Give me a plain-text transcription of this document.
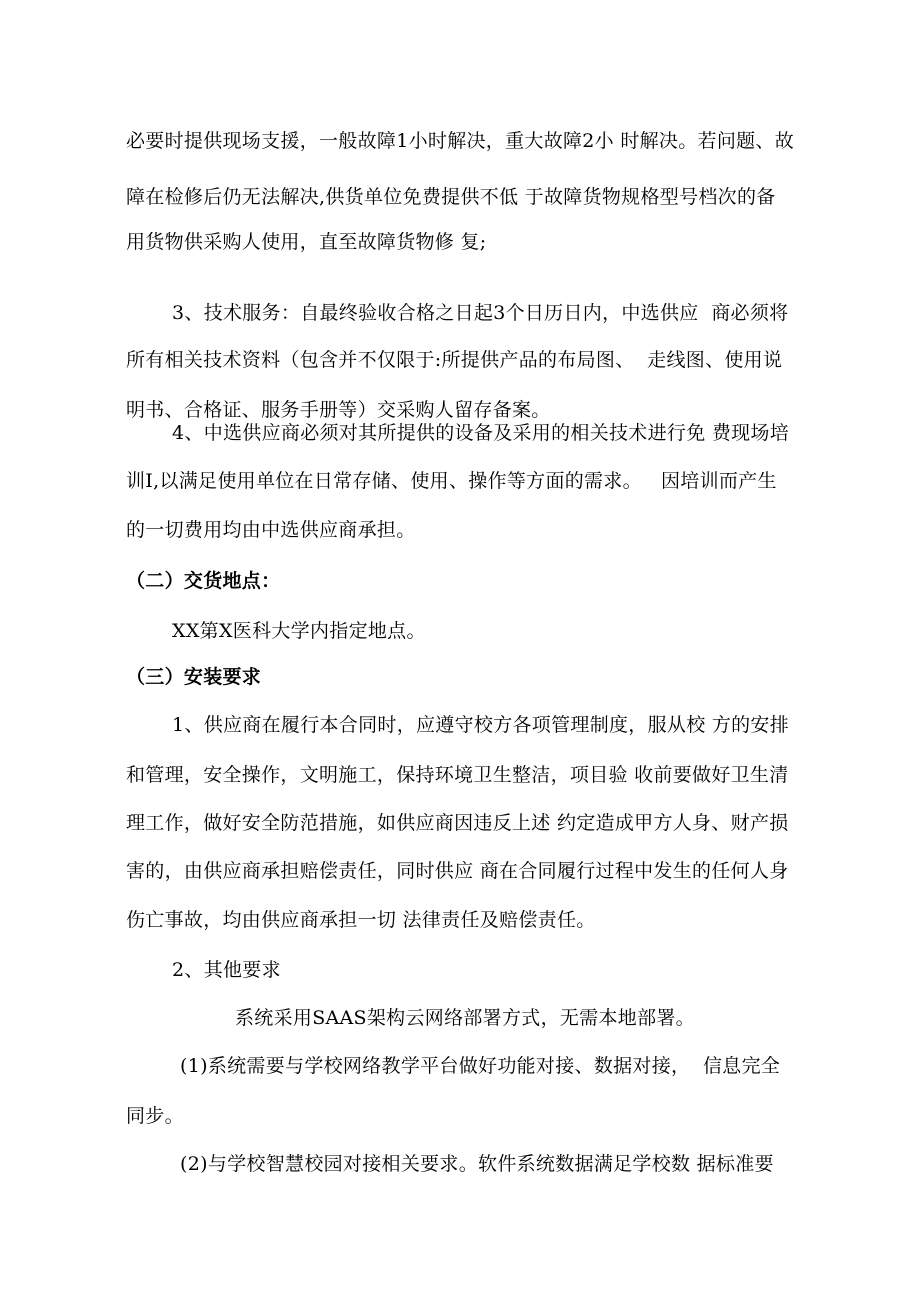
必要时提供现场支援，一般故障1小时解决，重大故障2小 时解决。若问题、故
障在检修后仍无法解决,供货单位免费提供不低 于故障货物规格型号档次的备
用货物供采购人使用，直至故障货物修 复;
3、技术服务：自最终验收合格之日起3个日历日内，中选供应  商必须将
所有相关技术资料（包含并不仅限于:所提供产品的布局图、  走线图、使用说
明书、合格证、服务手册等）交采购人留存备案。
4、中选供应商必须对其所提供的设备及采用的相关技术进行免 费现场培
训I,以满足使用单位在日常存储、使用、操作等方面的需求。   因培训而产生
的一切费用均由中选供应商承担。
（二）交货地点：
XX第X医科大学内指定地点。
（三）安装要求
1、供应商在履行本合同时，应遵守校方各项管理制度，服从校 方的安排
和管理，安全操作，文明施工，保持环境卫生整洁，项目验 收前要做好卫生清
理工作，做好安全防范措施，如供应商因违反上述 约定造成甲方人身、财产损
害的，由供应商承担赔偿责任，同时供应 商在合同履行过程中发生的任何人身
伤亡事故，均由供应商承担一切 法律责任及赔偿责任。
2、其他要求
系统采用SAAS架构云网络部署方式，无需本地部署。
(1)系统需要与学校网络教学平台做好功能对接、数据对接，  信息完全
同步。
(2)与学校智慧校园对接相关要求。软件系统数据满足学校数 据标准要
